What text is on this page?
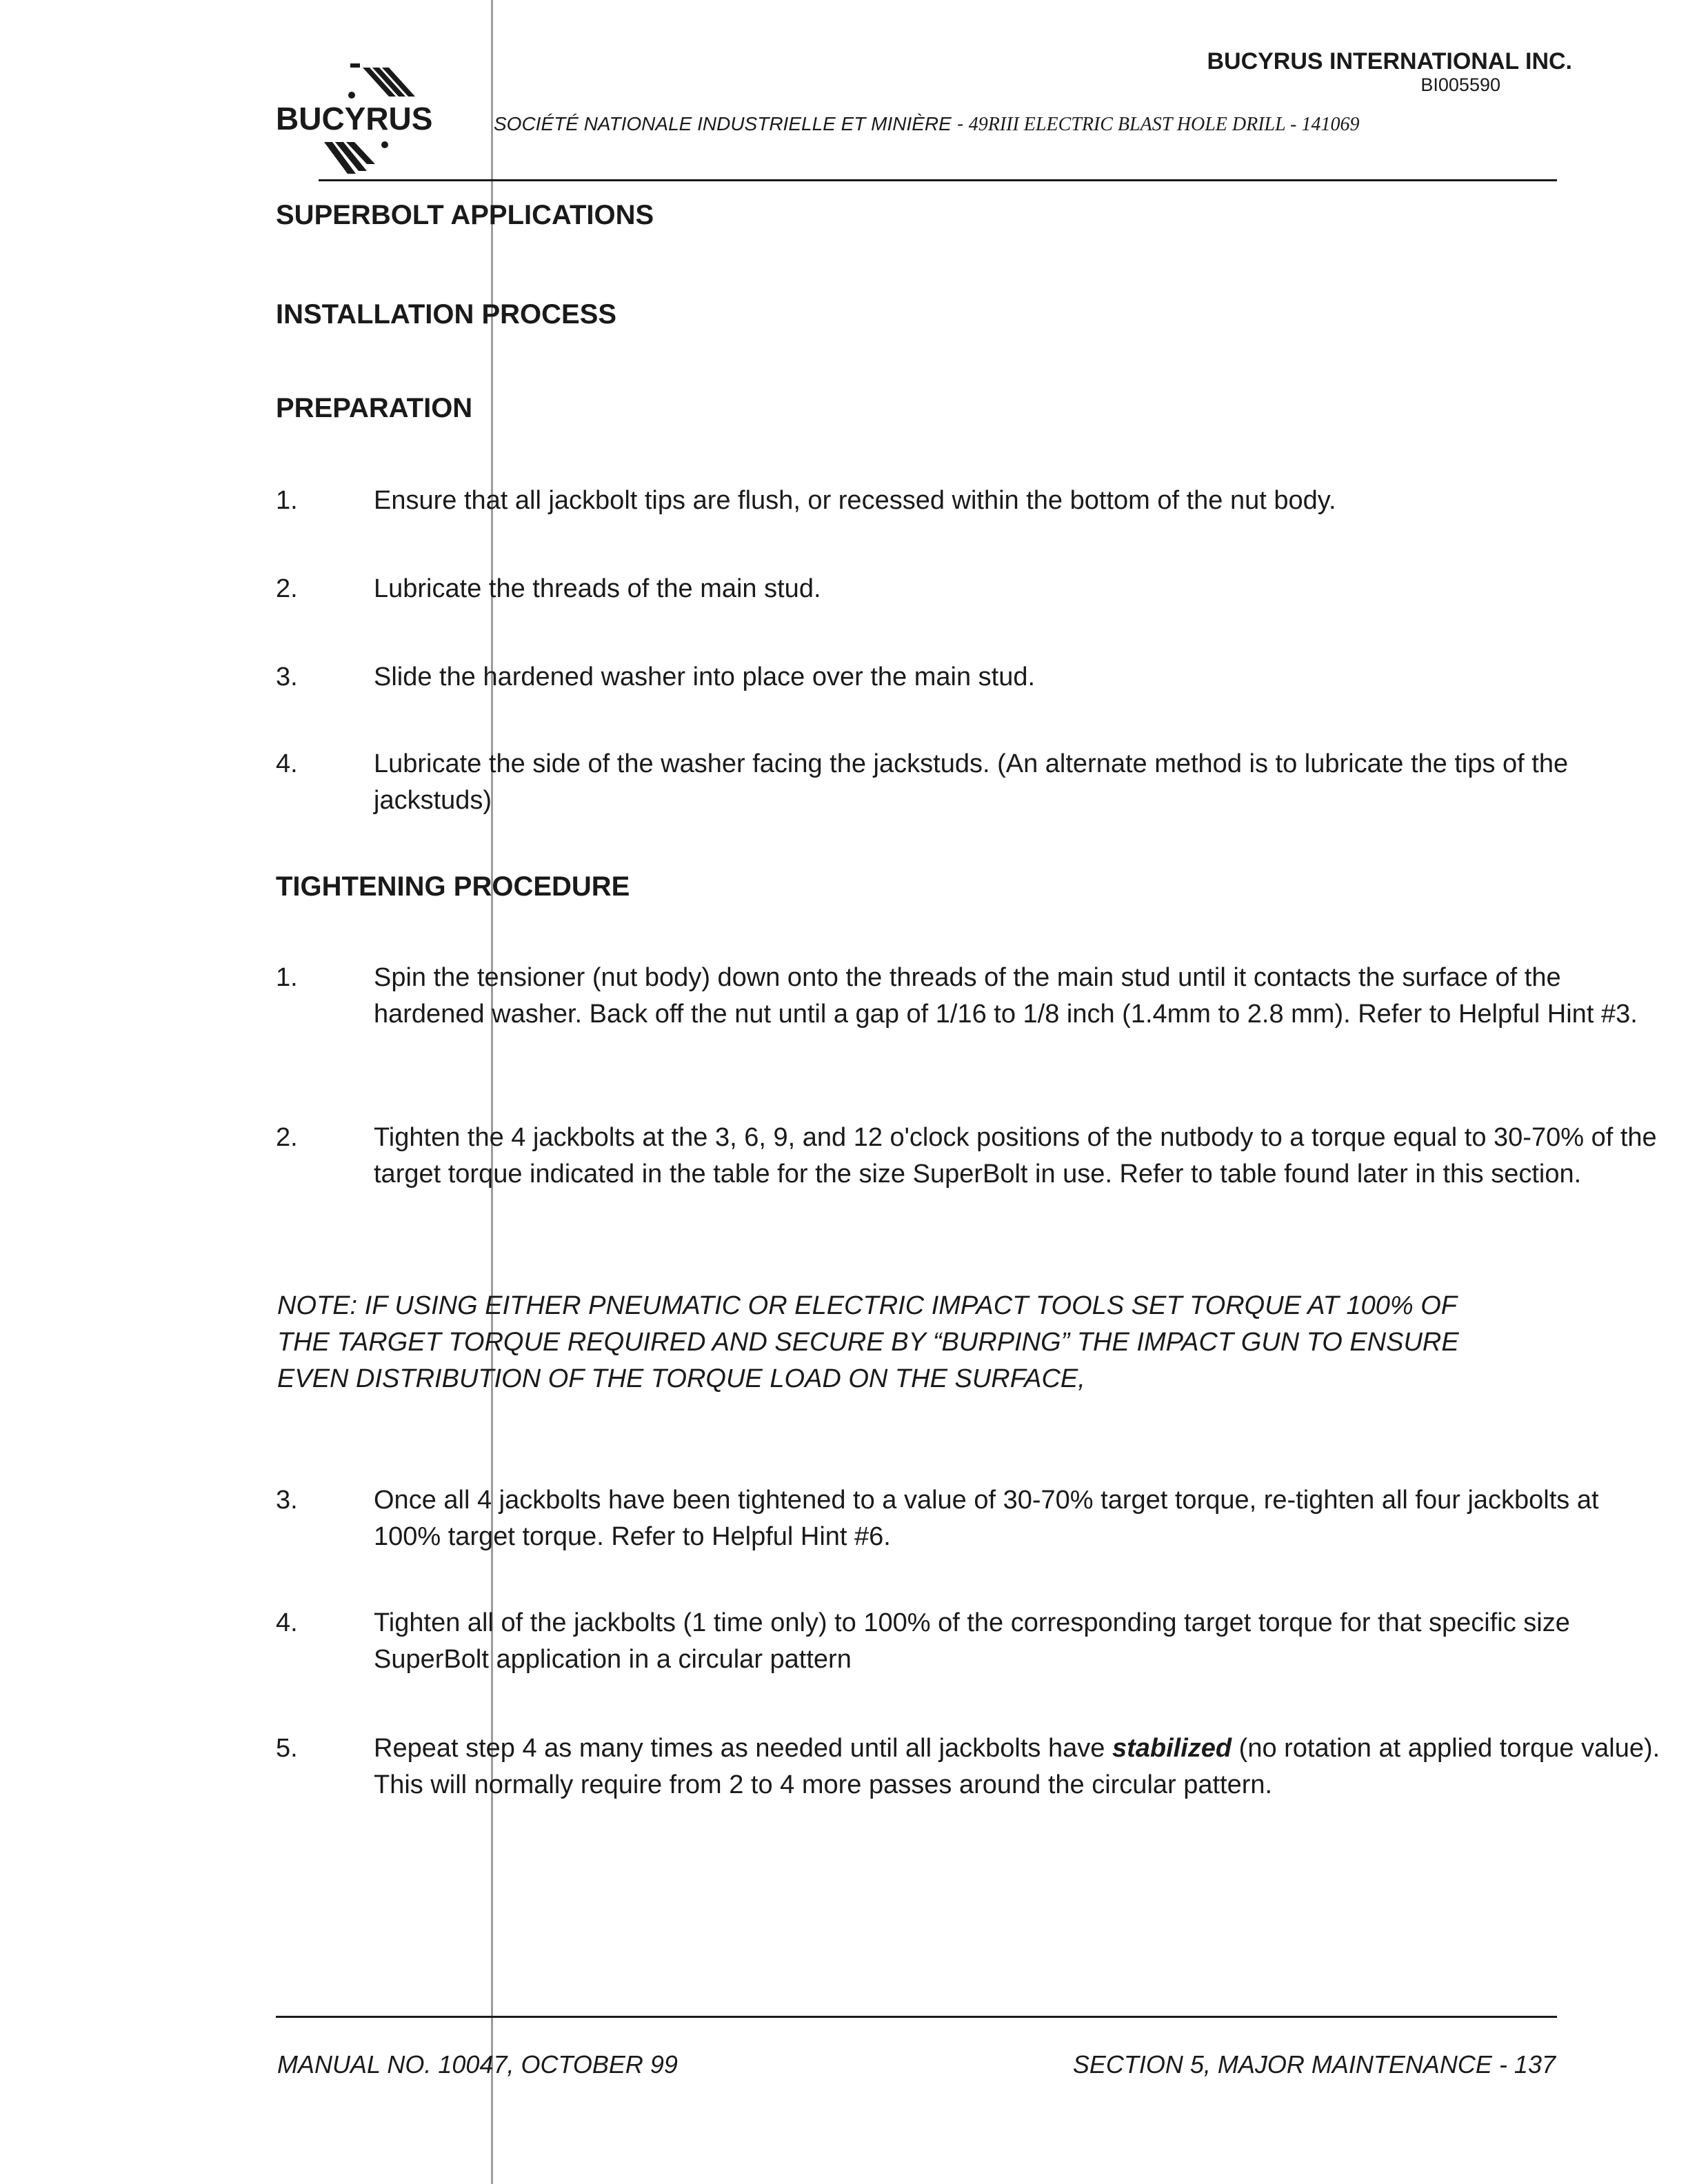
BUCYRUS
BUCYRUS INTERNATIONAL INC.
BI005590
SOCIÉTÉ NATIONALE INDUSTRIELLE ET MINIÈRE - 49RIII ELECTRIC BLAST HOLE DRILL - 141069
SUPERBOLT APPLICATIONS
INSTALLATION PROCESS
PREPARATION
1.	Ensure that all jackbolt tips are flush, or recessed within the bottom of the nut body.
2.	Lubricate the threads of the main stud.
3.	Slide the hardened washer into place over the main stud.
4.	Lubricate the side of the washer facing the jackstuds. (An alternate method is to lubricate the tips of the jackstuds)
TIGHTENING PROCEDURE
1.	Spin the tensioner (nut body) down onto the threads of the main stud until it contacts the surface of the hardened washer. Back off the nut until a gap of 1/16 to 1/8 inch (1.4mm to 2.8 mm). Refer to Helpful Hint #3.
2.	Tighten the 4 jackbolts at the 3, 6, 9, and 12 o'clock positions of the nutbody to a torque equal to 30-70% of the target torque indicated in the table for the size SuperBolt in use. Refer to table found later in this section.
NOTE: IF USING EITHER PNEUMATIC OR ELECTRIC IMPACT TOOLS SET TORQUE AT 100% OF THE TARGET TORQUE REQUIRED AND SECURE BY “BURPING” THE IMPACT GUN TO ENSURE EVEN DISTRIBUTION OF THE TORQUE LOAD ON THE SURFACE,
3.	Once all 4 jackbolts have been tightened to a value of 30-70% target torque, re-tighten all four jackbolts at 100% target torque. Refer to Helpful Hint #6.
4.	Tighten all of the jackbolts (1 time only) to 100% of the corresponding target torque for that specific size SuperBolt application in a circular pattern
5.	Repeat step 4 as many times as needed until all jackbolts have stabilized (no rotation at applied torque value). This will normally require from 2 to 4 more passes around the circular pattern.
MANUAL NO. 10047, OCTOBER 99	SECTION 5, MAJOR MAINTENANCE - 137
